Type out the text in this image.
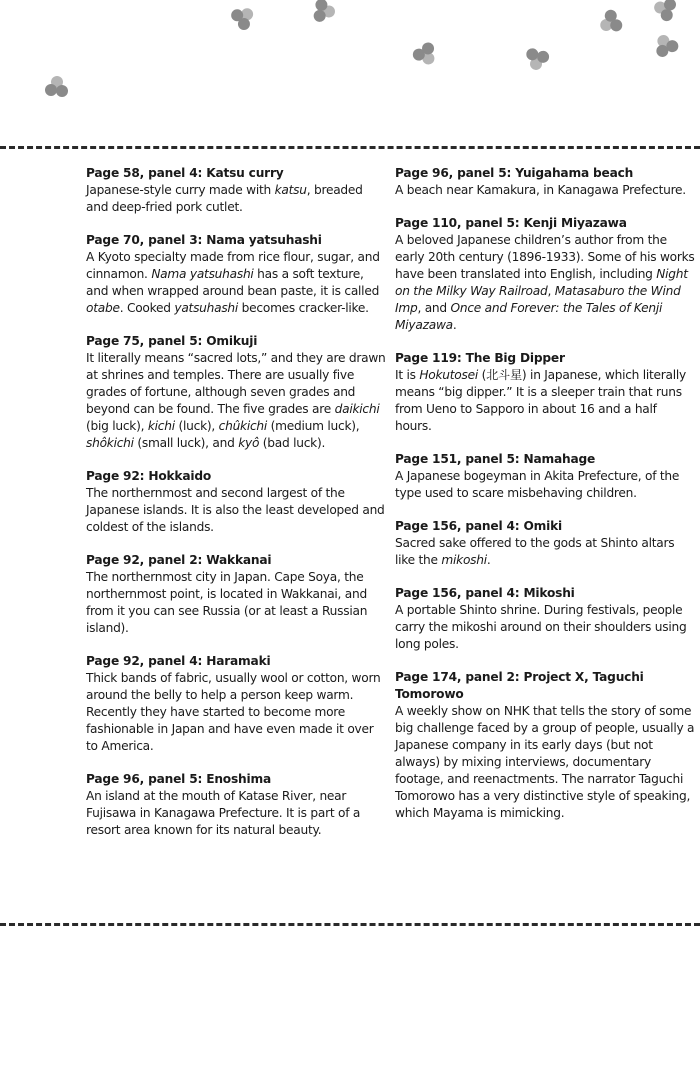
Page 58, panel 4: Katsu curry

Japanese-style curry made with katsu, breaded and deep-fried pork cutlet.

Page 70, panel 3: Nama yatsuhashi

A Kyoto specialty made from rice flour, sugar, and cinnamon. Nama yatsuhashi has a soft texture, and when wrapped around bean paste, it is called otabe. Cooked yatsuhashi becomes cracker-like.

Page 75, panel 5: Omikuji

It literally means “sacred lots,” and they are drawn at shrines and temples. There are usually five grades of fortune, although seven grades and beyond can be found. The five grades are daikichi (big luck), kichi (luck), chûkichi (medium luck), shôkichi (small luck), and kyô (bad luck).

Page 92: Hokkaido

The northernmost and second largest of the Japanese islands. It is also the least developed and coldest of the islands.

Page 92, panel 2: Wakkanai

The northernmost city in Japan. Cape Soya, the northernmost point, is located in Wakkanai, and from it you can see Russia (or at least a Russian island).

Page 92, panel 4: Haramaki

Thick bands of fabric, usually wool or cotton, worn around the belly to help a person keep warm. Recently they have started to become more fashionable in Japan and have even made it over to America.

Page 96, panel 5: Enoshima

An island at the mouth of Katase River, near Fujisawa in Kanagawa Prefecture. It is part of a resort area known for its natural beauty.

Page 96, panel 5: Yuigahama beach

A beach near Kamakura, in Kanagawa Prefecture.

Page 110, panel 5: Kenji Miyazawa

A beloved Japanese children’s author from the early 20th century (1896-1933). Some of his works have been translated into English, including Night on the Milky Way Railroad, Matasaburo the Wind Imp, and Once and Forever: the Tales of Kenji Miyazawa.

Page 119: The Big Dipper

It is Hokutosei (北斗星) in Japanese, which literally means “big dipper.” It is a sleeper train that runs from Ueno to Sapporo in about 16 and a half hours.

Page 151, panel 5: Namahage

A Japanese bogeyman in Akita Prefecture, of the type used to scare misbehaving children.

Page 156, panel 4: Omiki

Sacred sake offered to the gods at Shinto altars like the mikoshi.

Page 156, panel 4: Mikoshi

A portable Shinto shrine. During festivals, people carry the mikoshi around on their shoulders using long poles.

Page 174, panel 2: Project X, Taguchi Tomorowo

A weekly show on NHK that tells the story of some big challenge faced by a group of people, usually a Japanese company in its early days (but not always) by mixing interviews, documentary footage, and reenactments. The narrator Taguchi Tomorowo has a very distinctive style of speaking, which Mayama is mimicking.
